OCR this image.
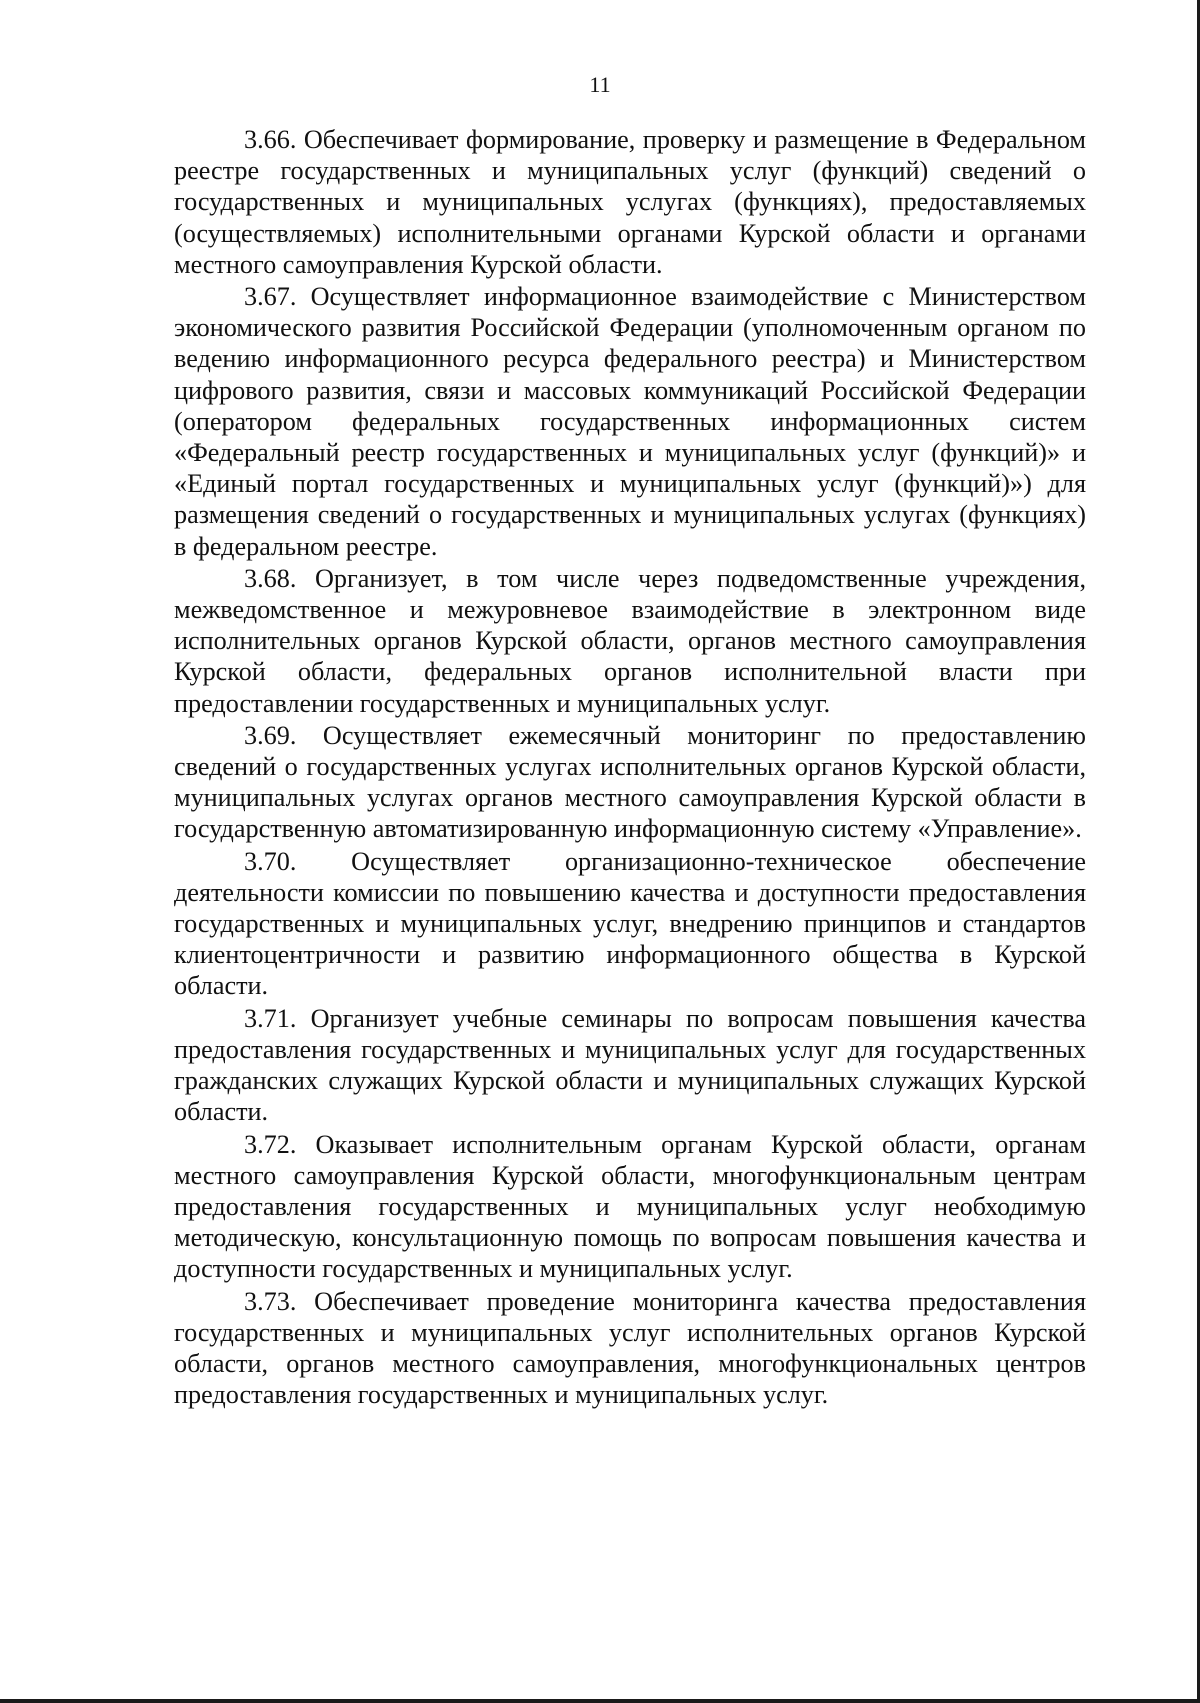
11

3.66. Обеспечивает формирование, проверку и размещение в Федеральном реестре государственных и муниципальных услуг (функций) сведений о государственных и муниципальных услугах (функциях), предоставляемых (осуществляемых) исполнительными органами Курской области и органами местного самоуправления Курской области.

3.67. Осуществляет информационное взаимодействие с Министерством экономического развития Российской Федерации (уполномоченным органом по ведению информационного ресурса федерального реестра) и Министерством цифрового развития, связи и массовых коммуникаций Российской Федерации (оператором федеральных государственных информационных систем «Федеральный реестр государственных и муниципальных услуг (функций)» и «Единый портал государственных и муниципальных услуг (функций)») для размещения сведений о государственных и муниципальных услугах (функциях) в федеральном реестре.

3.68. Организует, в том числе через подведомственные учреждения, межведомственное и межуровневое взаимодействие в электронном виде исполнительных органов Курской области, органов местного самоуправления Курской области, федеральных органов исполнительной власти при предоставлении государственных и муниципальных услуг.

3.69. Осуществляет ежемесячный мониторинг по предоставлению сведений о государственных услугах исполнительных органов Курской области, муниципальных услугах органов местного самоуправления Курской области в государственную автоматизированную информационную систему «Управление».

3.70. Осуществляет организационно-техническое обеспечение деятельности комиссии по повышению качества и доступности предоставления государственных и муниципальных услуг, внедрению принципов и стандартов клиентоцентричности и развитию информационного общества в Курской области.

3.71. Организует учебные семинары по вопросам повышения качества предоставления государственных и муниципальных услуг для государственных гражданских служащих Курской области и муниципальных служащих Курской области.

3.72. Оказывает исполнительным органам Курской области, органам местного самоуправления Курской области, многофункциональным центрам предоставления государственных и муниципальных услуг необходимую методическую, консультационную помощь по вопросам повышения качества и доступности государственных и муниципальных услуг.

3.73. Обеспечивает проведение мониторинга качества предоставления государственных и муниципальных услуг исполнительных органов Курской области, органов местного самоуправления, многофункциональных центров предоставления государственных и муниципальных услуг.
